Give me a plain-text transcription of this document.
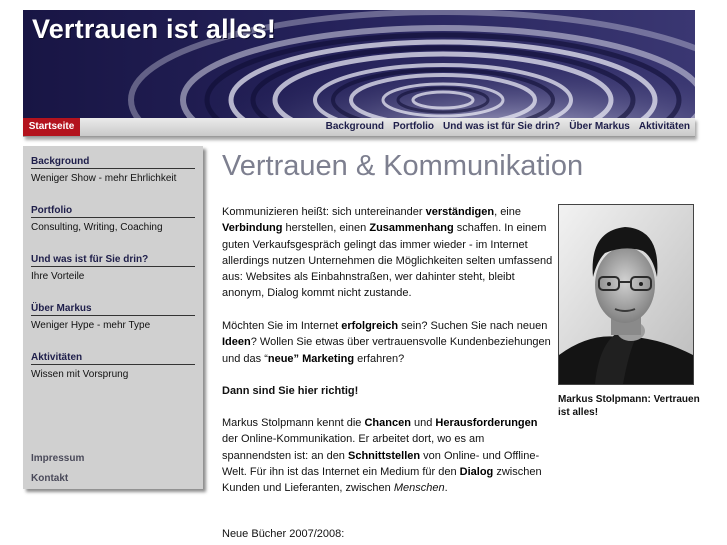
Vertrauen ist alles!
Startseite	Background Portfolio Und was ist für Sie drin? Über Markus Aktivitäten
Background
Weniger Show - mehr Ehrlichkeit
Portfolio
Consulting, Writing, Coaching
Und was ist für Sie drin?
Ihre Vorteile
Über Markus
Weniger Hype - mehr Type
Aktivitäten
Wissen mit Vorsprung
Impressum
Kontakt
Vertrauen & Kommunikation
Kommunizieren heißt: sich untereinander verständigen, eine Verbindung herstellen, einen Zusammenhang schaffen. In einem guten Verkaufsgespräch gelingt das immer wieder - im Internet allerdings nutzen Unternehmen die Möglichkeiten selten umfassend aus: Websites als Einbahnstraßen, wer dahinter steht, bleibt anonym, Dialog kommt nicht zustande.
Möchten Sie im Internet erfolgreich sein? Suchen Sie nach neuen Ideen? Wollen Sie etwas über vertrauensvolle Kundenbeziehungen und das “neue” Marketing erfahren?
Dann sind Sie hier richtig!
Markus Stolpmann kennt die Chancen und Herausforderungen der Online-Kommunikation. Er arbeitet dort, wo es am spannendsten ist: an den Schnittstellen von Online- und Offline-Welt. Für ihn ist das Internet ein Medium für den Dialog zwischen Kunden und Lieferanten, zwischen Menschen.
Neue Bücher 2007/2008:
Markus Stolpmann: Vertrauen ist alles!
